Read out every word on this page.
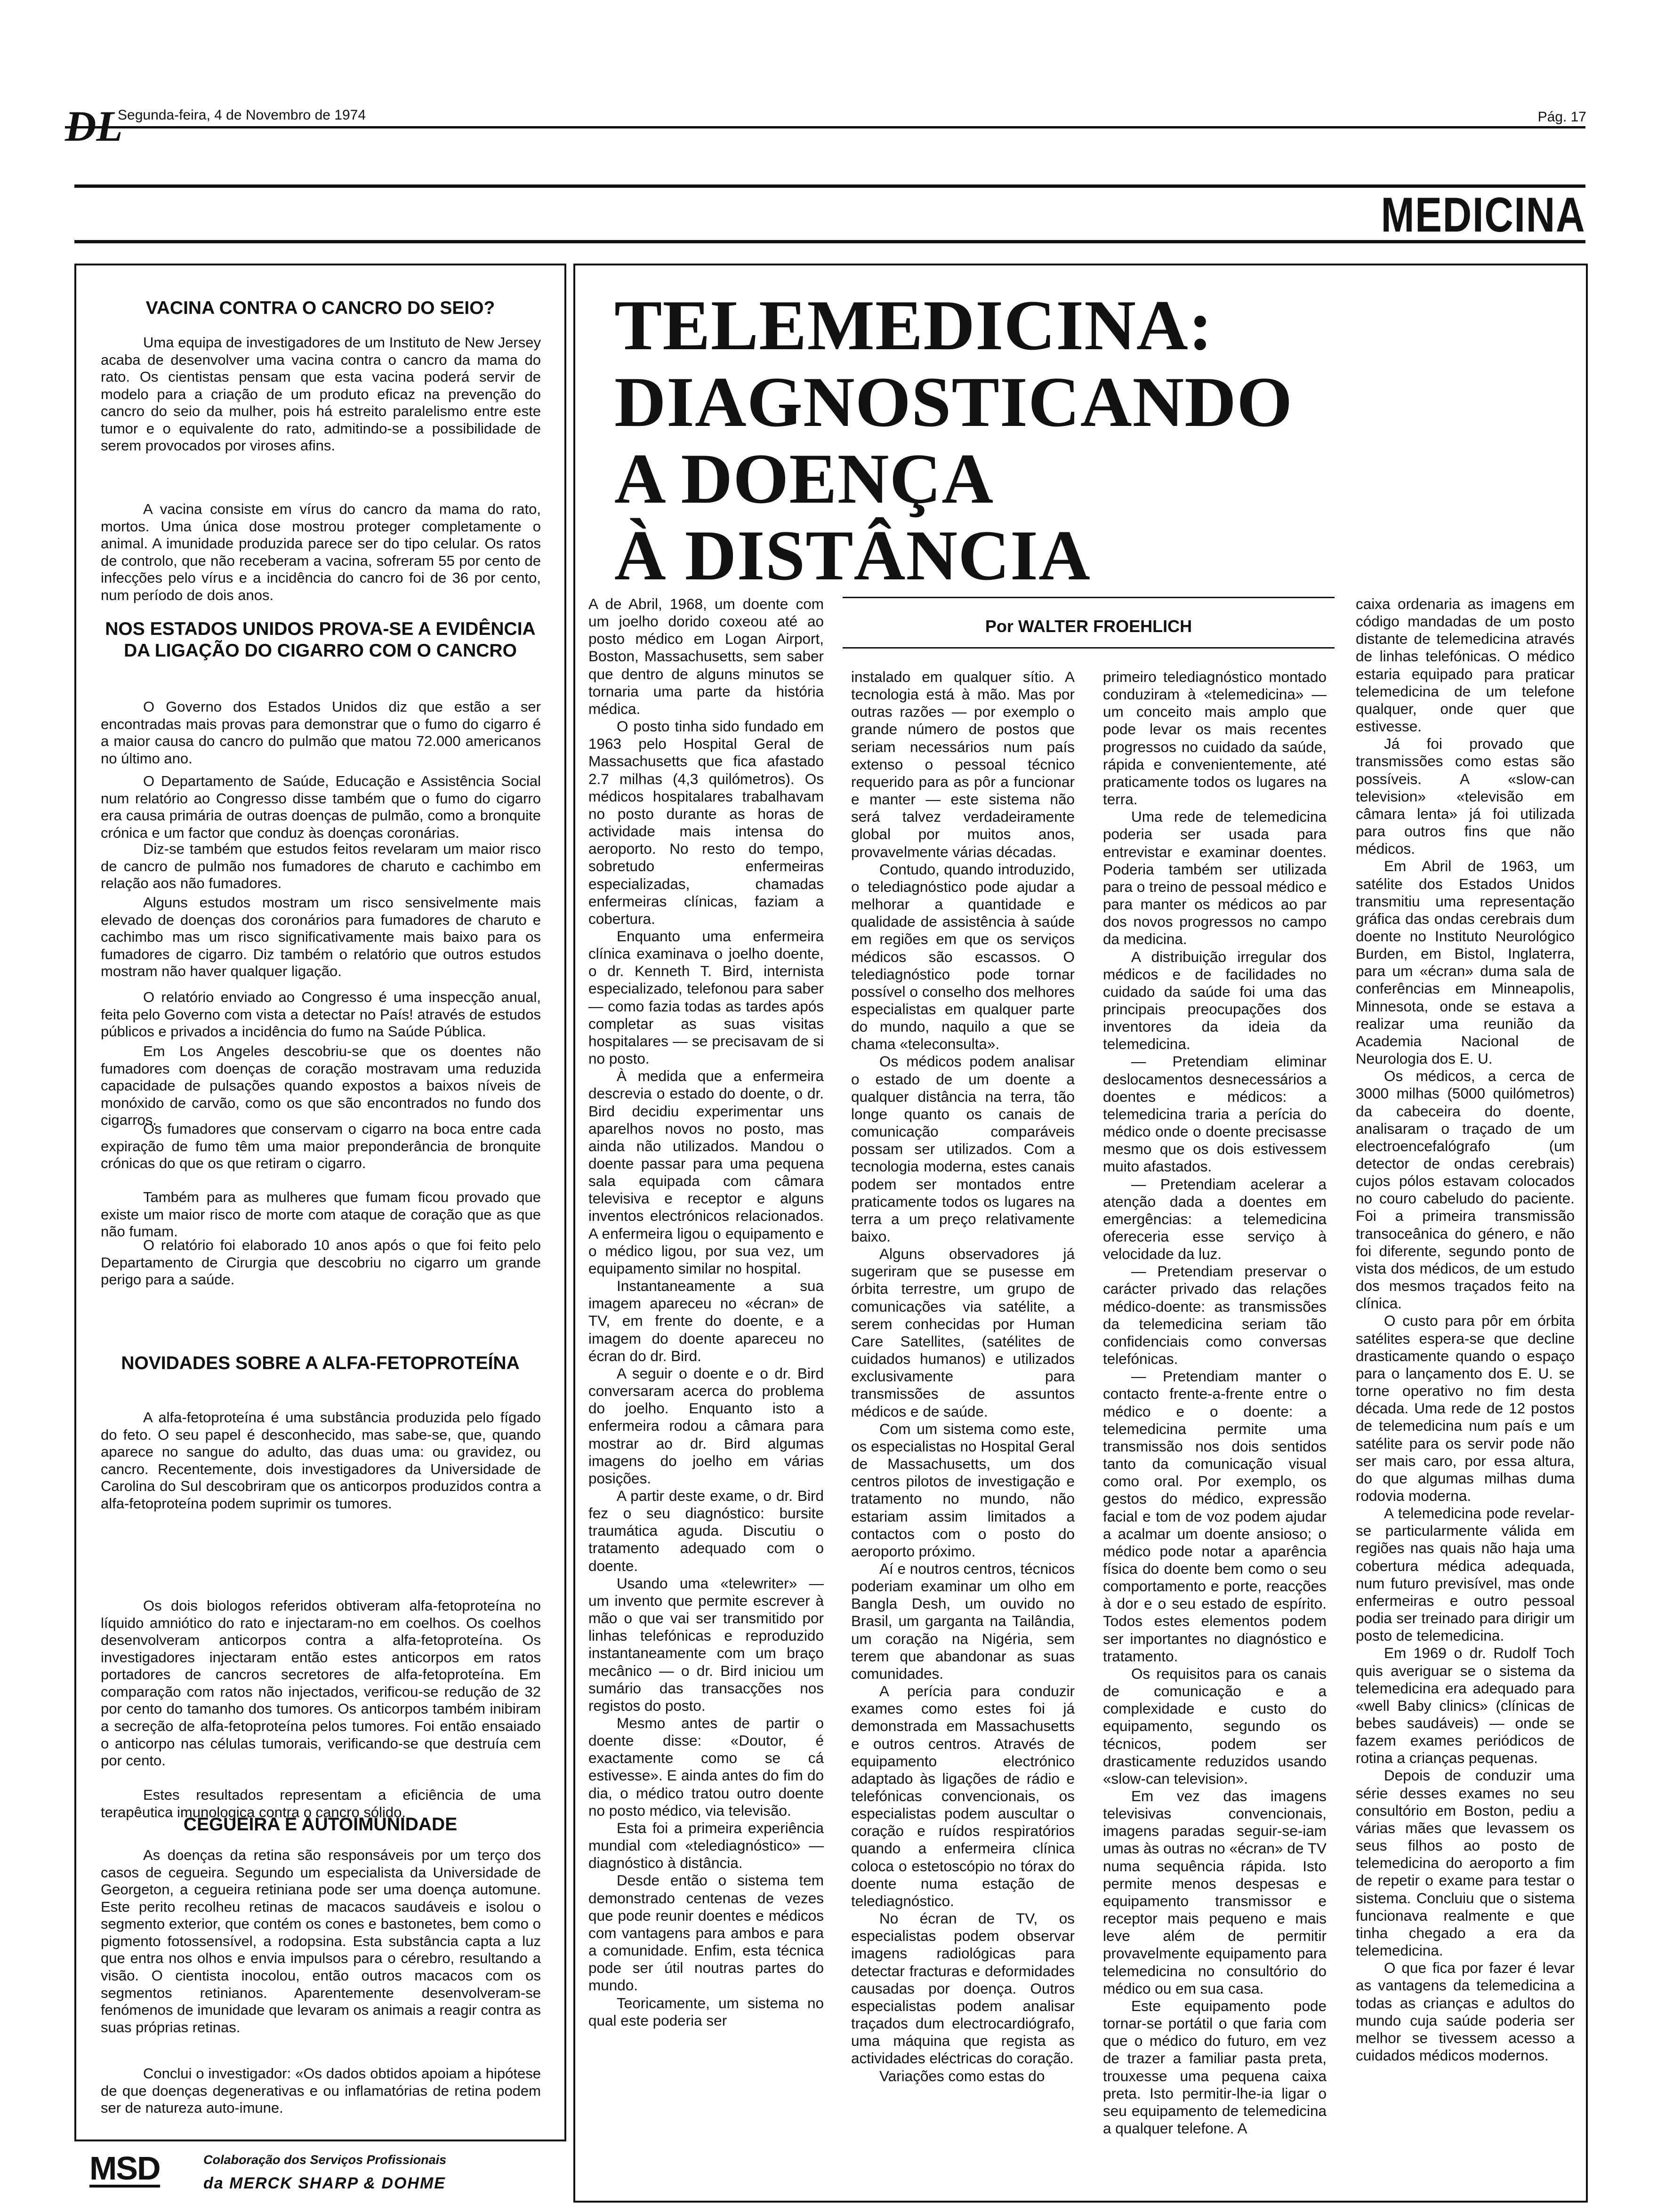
DL
Segunda-feira, 4 de Novembro de 1974	Pág. 17
MEDICINA
VACINA CONTRA O CANCRO DO SEIO?
Uma equipa de investigadores de um Instituto de New Jersey acaba de desenvolver uma vacina contra o cancro da mama do rato. Os cientistas pensam que esta vacina poderá servir de modelo para a criação de um produto eficaz na prevenção do cancro do seio da mulher, pois há estreito paralelismo entre este tumor e o equivalente do rato, admitindo-se a possibilidade de serem provocados por viroses afins.
A vacina consiste em vírus do cancro da mama do rato, mortos. Uma única dose mostrou proteger completamente o animal. A imunidade produzida parece ser do tipo celular. Os ratos de controlo, que não receberam a vacina, sofreram 55 por cento de infecções pelo vírus e a incidência do cancro foi de 36 por cento, num período de dois anos.
NOS ESTADOS UNIDOS PROVA-SE A EVIDÊNCIA DA LIGAÇÃO DO CIGARRO COM O CANCRO
O Governo dos Estados Unidos diz que estão a ser encontradas mais provas para demonstrar que o fumo do cigarro é a maior causa do cancro do pulmão que matou 72.000 americanos no último ano.
O Departamento de Saúde, Educação e Assistência Social num relatório ao Congresso disse também que o fumo do cigarro era causa primária de outras doenças de pulmão, como a bronquite crónica e um factor que conduz às doenças coronárias.
Diz-se também que estudos feitos revelaram um maior risco de cancro de pulmão nos fumadores de charuto e cachimbo em relação aos não fumadores.
Alguns estudos mostram um risco sensivelmente mais elevado de doenças dos coronários para fumadores de charuto e cachimbo mas um risco significativamente mais baixo para os fumadores de cigarro. Diz também o relatório que outros estudos mostram não haver qualquer ligação.
O relatório enviado ao Congresso é uma inspecção anual, feita pelo Governo com vista a detectar no País! através de estudos públicos e privados a incidência do fumo na Saúde Pública.
Em Los Angeles descobriu-se que os doentes não fumadores com doenças de coração mostravam uma reduzida capacidade de pulsações quando expostos a baixos níveis de monóxido de carvão, como os que são encontrados no fundo dos cigarros.
Os fumadores que conservam o cigarro na boca entre cada expiração de fumo têm uma maior preponderância de bronquite crónicas do que os que retiram o cigarro.
Também para as mulheres que fumam ficou provado que existe um maior risco de morte com ataque de coração que as que não fumam.
O relatório foi elaborado 10 anos após o que foi feito pelo Departamento de Cirurgia que descobriu no cigarro um grande perigo para a saúde.
NOVIDADES SOBRE A ALFA-FETOPROTEÍNA
A alfa-fetoproteína é uma substância produzida pelo fígado do feto. O seu papel é desconhecido, mas sabe-se, que, quando aparece no sangue do adulto, das duas uma: ou gravidez, ou cancro. Recentemente, dois investigadores da Universidade de Carolina do Sul descobriram que os anticorpos produzidos contra a alfa-fetoproteína podem suprimir os tumores.
Os dois biologos referidos obtiveram alfa-fetoproteína no líquido amniótico do rato e injectaram-no em coelhos. Os coelhos desenvolveram anticorpos contra a alfa-fetoproteína. Os investigadores injectaram então estes anticorpos em ratos portadores de cancros secretores de alfa-fetoproteína. Em comparação com ratos não injectados, verificou-se redução de 32 por cento do tamanho dos tumores. Os anticorpos também inibiram a secreção de alfa-fetoproteína pelos tumores. Foi então ensaiado o anticorpo nas células tumorais, verificando-se que destruía cem por cento.
Estes resultados representam a eficiência de uma terapêutica imunologica contra o cancro sólido.
CEGUEIRA E AUTOIMUNIDADE
As doenças da retina são responsáveis por um terço dos casos de cegueira. Segundo um especialista da Universidade de Georgeton, a cegueira retiniana pode ser uma doença automune. Este perito recolheu retinas de macacos saudáveis e isolou o segmento exterior, que contém os cones e bastonetes, bem como o pigmento fotossensível, a rodopsina. Esta substância capta a luz que entra nos olhos e envia impulsos para o cérebro, resultando a visão. O cientista inocolou, então outros macacos com os segmentos retinianos. Aparentemente desenvolveram-se fenómenos de imunidade que levaram os animais a reagir contra as suas próprias retinas.
Conclui o investigador: «Os dados obtidos apoiam a hipótese de que doenças degenerativas e ou inflamatórias de retina podem ser de natureza auto-imune.
MSD	Colaboração dos Serviços Profissionais
da MERCK SHARP & DOHME
TELEMEDICINA:
DIAGNOSTICANDO
A DOENÇA
À DISTÂNCIA
Por WALTER FROEHLICH

A de Abril, 1968, um doente com um joelho dorido coxeou até ao posto médico em Logan Airport, Boston, Massachusetts, sem saber que dentro de alguns minutos se tornaria uma parte da história médica.

O posto tinha sido fundado em 1963 pelo Hospital Geral de Massachusetts que fica afastado 2.7 milhas (4,3 quilómetros). Os médicos hospitalares trabalhavam no posto durante as horas de actividade mais intensa do aeroporto. No resto do tempo, sobretudo enfermeiras especializadas, chamadas enfermeiras clínicas, faziam a cobertura.

Enquanto uma enfermeira clínica examinava o joelho doente, o dr. Kenneth T. Bird, internista especializado, telefonou para saber — como fazia todas as tardes após completar as suas visitas hospitalares — se precisavam de si no posto.

À medida que a enfermeira descrevia o estado do doente, o dr. Bird decidiu experimentar uns aparelhos novos no posto, mas ainda não utilizados. Mandou o doente passar para uma pequena sala equipada com câmara televisiva e receptor e alguns inventos electrónicos relacionados. A enfermeira ligou o equipamento e o médico ligou, por sua vez, um equipamento similar no hospital.

Instantaneamente a sua imagem apareceu no «écran» de TV, em frente do doente, e a imagem do doente apareceu no écran do dr. Bird.

A seguir o doente e o dr. Bird conversaram acerca do problema do joelho. Enquanto isto a enfermeira rodou a câmara para mostrar ao dr. Bird algumas imagens do joelho em várias posições.

A partir deste exame, o dr. Bird fez o seu diagnóstico: bursite traumática aguda. Discutiu o tratamento adequado com o doente.

Usando uma «telewriter» — um invento que permite escrever à mão o que vai ser transmitido por linhas telefónicas e reproduzido instantaneamente com um braço mecânico — o dr. Bird iniciou um sumário das transacções nos registos do posto.

Mesmo antes de partir o doente disse: «Doutor, é exactamente como se cá estivesse». E ainda antes do fim do dia, o médico tratou outro doente no posto médico, via televisão.

Esta foi a primeira experiência mundial com «telediagnóstico» — diagnóstico à distância.

Desde então o sistema tem demonstrado centenas de vezes que pode reunir doentes e médicos com vantagens para ambos e para a comunidade. Enfim, esta técnica pode ser útil noutras partes do mundo.

Teoricamente, um sistema no qual este poderia ser

instalado em qualquer sítio. A tecnologia está à mão. Mas por outras razões — por exemplo o grande número de postos que seriam necessários num país extenso o pessoal técnico requerido para as pôr a funcionar e manter — este sistema não será talvez verdadeiramente global por muitos anos, provavelmente várias décadas.

Contudo, quando introduzido, o telediagnóstico pode ajudar a melhorar a quantidade e qualidade de assistência à saúde em regiões em que os serviços médicos são escassos. O telediagnóstico pode tornar possível o conselho dos melhores especialistas em qualquer parte do mundo, naquilo a que se chama «teleconsulta».

Os médicos podem analisar o estado de um doente a qualquer distância na terra, tão longe quanto os canais de comunicação comparáveis possam ser utilizados. Com a tecnologia moderna, estes canais podem ser montados entre praticamente todos os lugares na terra a um preço relativamente baixo.

Alguns observadores já sugeriram que se pusesse em órbita terrestre, um grupo de comunicações via satélite, a serem conhecidas por Human Care Satellites, (satélites de cuidados humanos) e utilizados exclusivamente para transmissões de assuntos médicos e de saúde.

Com um sistema como este, os especialistas no Hospital Geral de Massachusetts, um dos centros pilotos de investigação e tratamento no mundo, não estariam assim limitados a contactos com o posto do aeroporto próximo.

Aí e noutros centros, técnicos poderiam examinar um olho em Bangla Desh, um ouvido no Brasil, um garganta na Tailândia, um coração na Nigéria, sem terem que abandonar as suas comunidades.

A perícia para conduzir exames como estes foi já demonstrada em Massachusetts e outros centros. Através de equipamento electrónico adaptado às ligações de rádio e telefónicas convencionais, os especialistas podem auscultar o coração e ruídos respiratórios quando a enfermeira clínica coloca o estetoscópio no tórax do doente numa estação de telediagnóstico.

No écran de TV, os especialistas podem observar imagens radiológicas para detectar fracturas e deformidades causadas por doença. Outros especialistas podem analisar traçados dum electrocardiógrafo, uma máquina que regista as actividades eléctricas do coração.

Variações como estas do

primeiro telediagnóstico montado conduziram à «telemedicina» — um conceito mais amplo que pode levar os mais recentes progressos no cuidado da saúde, rápida e convenientemente, até praticamente todos os lugares na terra.

Uma rede de telemedicina poderia ser usada para entrevistar e examinar doentes. Poderia também ser utilizada para o treino de pessoal médico e para manter os médicos ao par dos novos progressos no campo da medicina.

A distribuição irregular dos médicos e de facilidades no cuidado da saúde foi uma das principais preocupações dos inventores da ideia da telemedicina.

— Pretendiam eliminar deslocamentos desnecessários a doentes e médicos: a telemedicina traria a perícia do médico onde o doente precisasse mesmo que os dois estivessem muito afastados.

— Pretendiam acelerar a atenção dada a doentes em emergências: a telemedicina ofereceria esse serviço à velocidade da luz.

— Pretendiam preservar o carácter privado das relações médico-doente: as transmissões da telemedicina seriam tão confidenciais como conversas telefónicas.

— Pretendiam manter o contacto frente-a-frente entre o médico e o doente: a telemedicina permite uma transmissão nos dois sentidos tanto da comunicação visual como oral. Por exemplo, os gestos do médico, expressão facial e tom de voz podem ajudar a acalmar um doente ansioso; o médico pode notar a aparência física do doente bem como o seu comportamento e porte, reacções à dor e o seu estado de espírito. Todos estes elementos podem ser importantes no diagnóstico e tratamento.

Os requisitos para os canais de comunicação e a complexidade e custo do equipamento, segundo os técnicos, podem ser drasticamente reduzidos usando «slow-can television».

Em vez das imagens televisivas convencionais, imagens paradas seguir-se-iam umas às outras no «écran» de TV numa sequência rápida. Isto permite menos despesas e equipamento transmissor e receptor mais pequeno e mais leve além de permitir provavelmente equipamento para telemedicina no consultório do médico ou em sua casa.

Este equipamento pode tornar-se portátil o que faria com que o médico do futuro, em vez de trazer a familiar pasta preta, trouxesse uma pequena caixa preta. Isto permitir-lhe-ia ligar o seu equipamento de telemedicina a qualquer telefone. A

caixa ordenaria as imagens em código mandadas de um posto distante de telemedicina através de linhas telefónicas. O médico estaria equipado para praticar telemedicina de um telefone qualquer, onde quer que estivesse.

Já foi provado que transmissões como estas são possíveis. A «slow-can television» «televisão em câmara lenta» já foi utilizada para outros fins que não médicos.

Em Abril de 1963, um satélite dos Estados Unidos transmitiu uma representação gráfica das ondas cerebrais dum doente no Instituto Neurológico Burden, em Bistol, Inglaterra, para um «écran» duma sala de conferências em Minneapolis, Minnesota, onde se estava a realizar uma reunião da Academia Nacional de Neurologia dos E. U.

Os médicos, a cerca de 3000 milhas (5000 quilómetros) da cabeceira do doente, analisaram o traçado de um electroencefalógrafo (um detector de ondas cerebrais) cujos pólos estavam colocados no couro cabeludo do paciente. Foi a primeira transmissão transoceânica do género, e não foi diferente, segundo ponto de vista dos médicos, de um estudo dos mesmos traçados feito na clínica.

O custo para pôr em órbita satélites espera-se que decline drasticamente quando o espaço para o lançamento dos E. U. se torne operativo no fim desta década. Uma rede de 12 postos de telemedicina num país e um satélite para os servir pode não ser mais caro, por essa altura, do que algumas milhas duma rodovia moderna.

A telemedicina pode revelar-se particularmente válida em regiões nas quais não haja uma cobertura médica adequada, num futuro previsível, mas onde enfermeiras e outro pessoal podia ser treinado para dirigir um posto de telemedicina.

Em 1969 o dr. Rudolf Toch quis averiguar se o sistema da telemedicina era adequado para «well Baby clinics» (clínicas de bebes saudáveis) — onde se fazem exames periódicos de rotina a crianças pequenas.

Depois de conduzir uma série desses exames no seu consultório em Boston, pediu a várias mães que levassem os seus filhos ao posto de telemedicina do aeroporto a fim de repetir o exame para testar o sistema. Concluiu que o sistema funcionava realmente e que tinha chegado a era da telemedicina.

O que fica por fazer é levar as vantagens da telemedicina a todas as crianças e adultos do mundo cuja saúde poderia ser melhor se tivessem acesso a cuidados médicos modernos.
